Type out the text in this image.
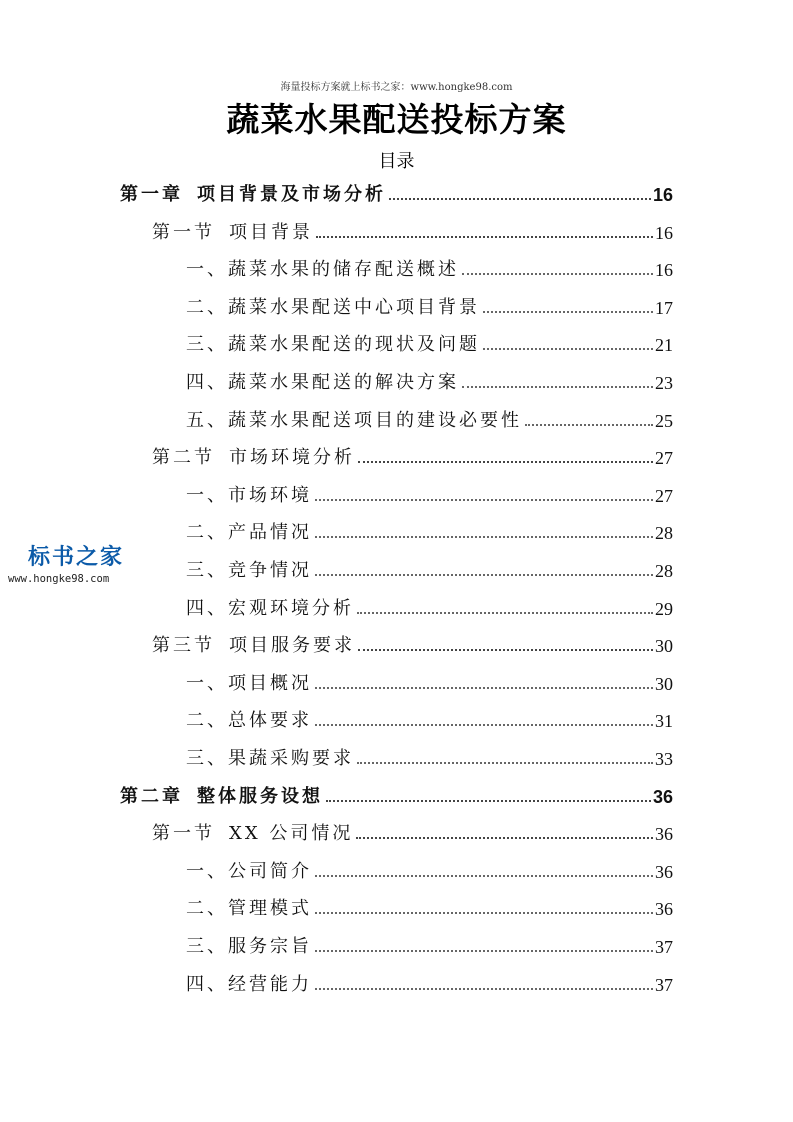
海量投标方案就上标书之家：www.hongke98.com
蔬菜水果配送投标方案
目录
第一章 项目背景及市场分析	16
第一节 项目背景	16
一、蔬菜水果的储存配送概述	16
二、蔬菜水果配送中心项目背景	17
三、蔬菜水果配送的现状及问题	21
四、蔬菜水果配送的解决方案	23
五、蔬菜水果配送项目的建设必要性	25
第二节 市场环境分析	27
一、市场环境	27
二、产品情况	28
三、竞争情况	28
四、宏观环境分析	29
第三节 项目服务要求	30
一、项目概况	30
二、总体要求	31
三、果蔬采购要求	33
第二章 整体服务设想	36
第一节 XX 公司情况	36
一、公司简介	36
二、管理模式	36
三、服务宗旨	37
四、经营能力	37
标书之家
www.hongke98.com
